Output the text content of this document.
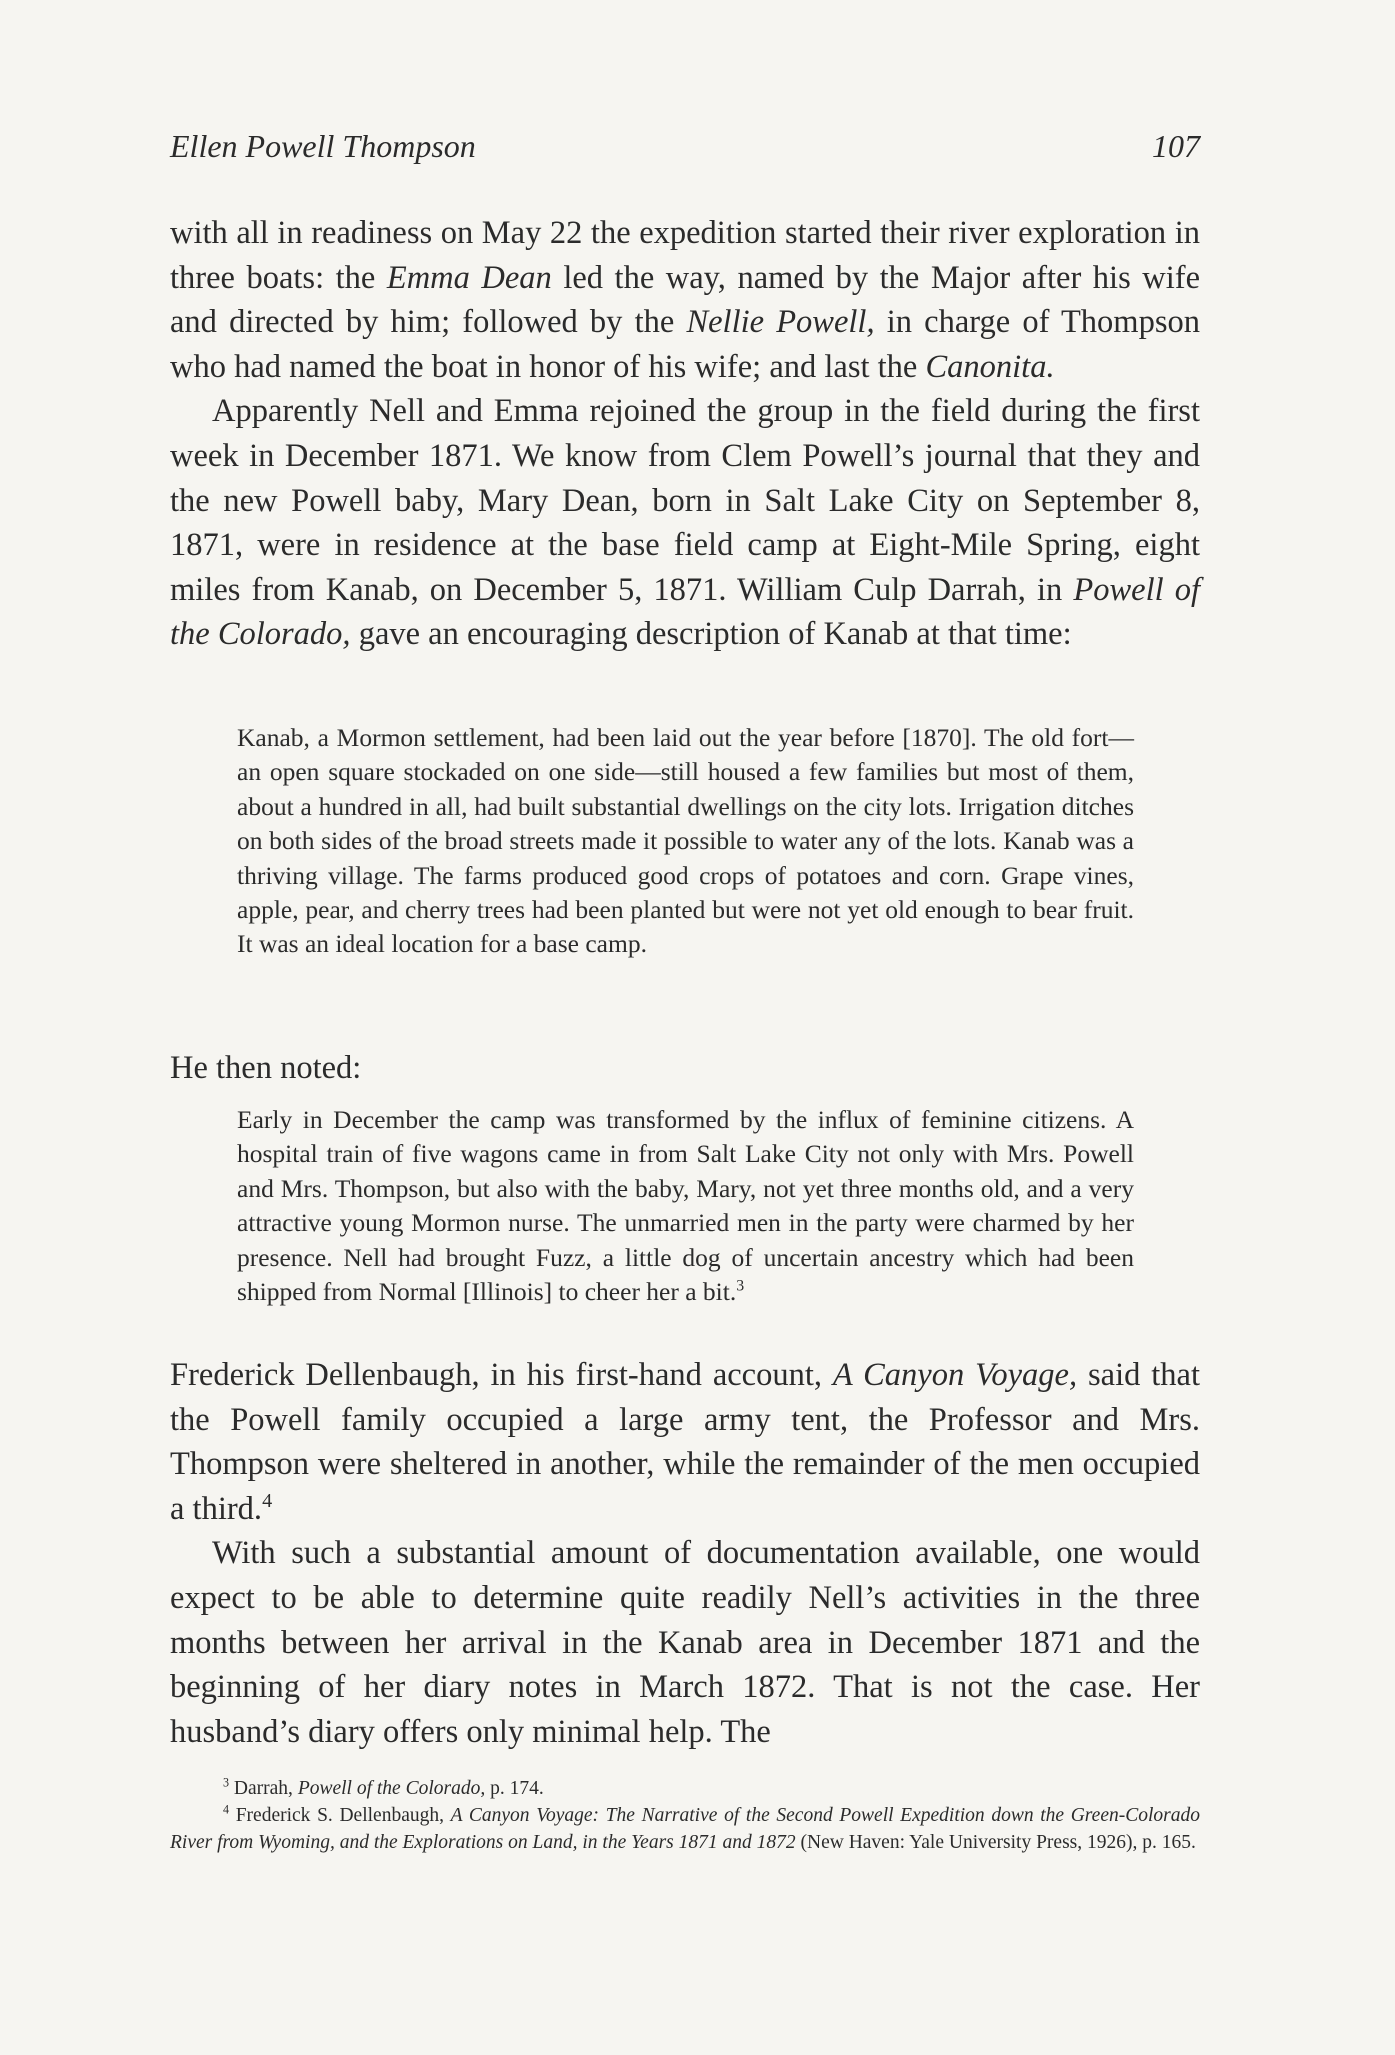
Ellen Powell Thompson	107

with all in readiness on May 22 the expedition started their river exploration in three boats: the Emma Dean led the way, named by the Major after his wife and directed by him; followed by the Nellie Powell, in charge of Thompson who had named the boat in honor of his wife; and last the Canonita.

Apparently Nell and Emma rejoined the group in the field during the first week in December 1871. We know from Clem Powell’s journal that they and the new Powell baby, Mary Dean, born in Salt Lake City on September 8, 1871, were in residence at the base field camp at Eight-Mile Spring, eight miles from Kanab, on December 5, 1871. William Culp Darrah, in Powell of the Colorado, gave an encouraging description of Kanab at that time:

Kanab, a Mormon settlement, had been laid out the year before [1870]. The old fort—an open square stockaded on one side—still housed a few families but most of them, about a hundred in all, had built substantial dwellings on the city lots. Irrigation ditches on both sides of the broad streets made it possible to water any of the lots. Kanab was a thriving village. The farms produced good crops of potatoes and corn. Grape vines, apple, pear, and cherry trees had been planted but were not yet old enough to bear fruit. It was an ideal location for a base camp.

He then noted:

Early in December the camp was transformed by the influx of feminine citizens. A hospital train of five wagons came in from Salt Lake City not only with Mrs. Powell and Mrs. Thompson, but also with the baby, Mary, not yet three months old, and a very attractive young Mormon nurse. The unmarried men in the party were charmed by her presence. Nell had brought Fuzz, a little dog of uncertain ancestry which had been shipped from Normal [Illinois] to cheer her a bit.$^3$

Frederick Dellenbaugh, in his first-hand account, A Canyon Voyage, said that the Powell family occupied a large army tent, the Professor and Mrs. Thompson were sheltered in another, while the remainder of the men occupied a third.$^4$

With such a substantial amount of documentation available, one would expect to be able to determine quite readily Nell’s activities in the three months between her arrival in the Kanab area in December 1871 and the beginning of her diary notes in March 1872. That is not the case. Her husband’s diary offers only minimal help. The

$^3$ Darrah, Powell of the Colorado, p. 174.

$^4$ Frederick S. Dellenbaugh, A Canyon Voyage: The Narrative of the Second Powell Expedition down the Green-Colorado River from Wyoming, and the Explorations on Land, in the Years 1871 and 1872 (New Haven: Yale University Press, 1926), p. 165.
